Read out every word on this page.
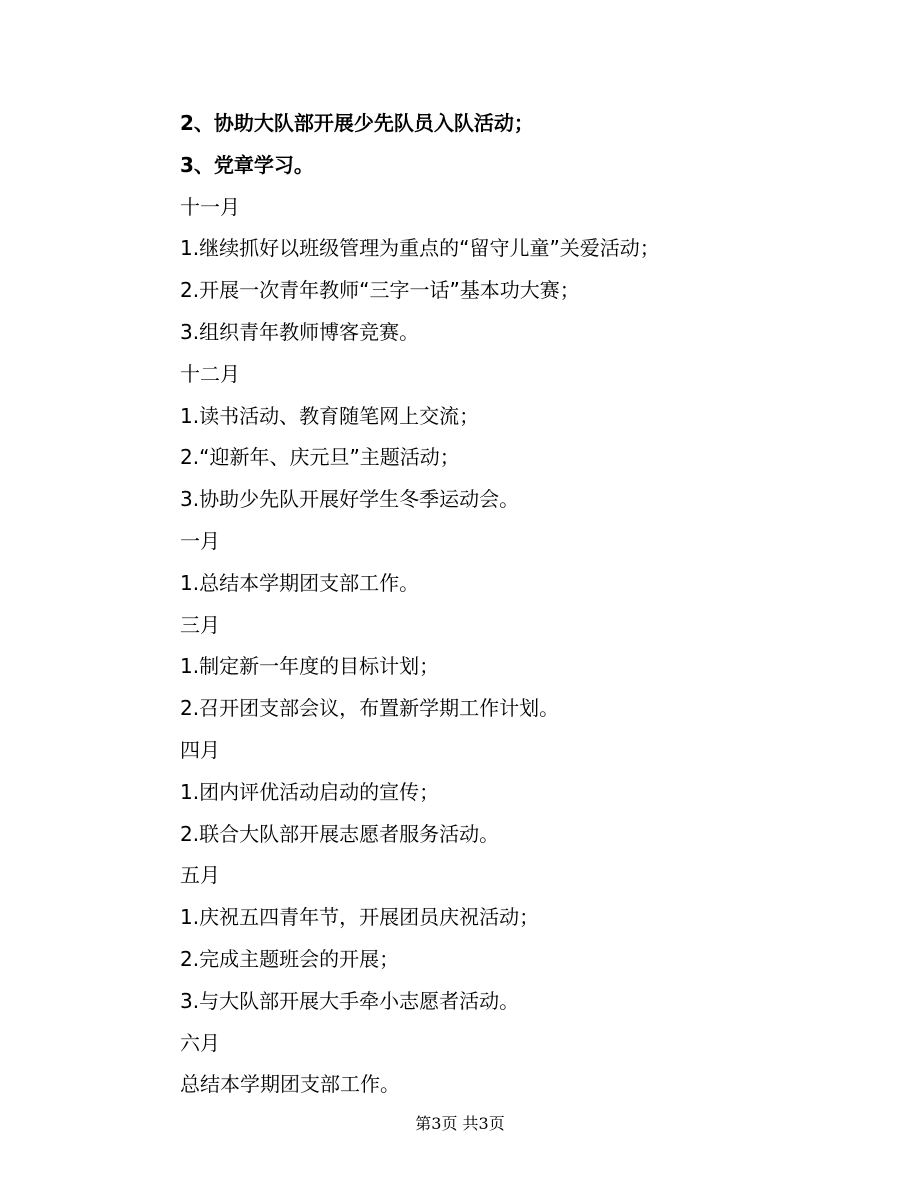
2、协助大队部开展少先队员入队活动；
3、党章学习。
十一月
1.继续抓好以班级管理为重点的“留守儿童”关爱活动；
2.开展一次青年教师“三字一话”基本功大赛；
3.组织青年教师博客竞赛。
十二月
1.读书活动、教育随笔网上交流；
2.“迎新年、庆元旦”主题活动；
3.协助少先队开展好学生冬季运动会。
一月
1.总结本学期团支部工作。
三月
1.制定新一年度的目标计划；
2.召开团支部会议，布置新学期工作计划。
四月
1.团内评优活动启动的宣传；
2.联合大队部开展志愿者服务活动。
五月
1.庆祝五四青年节，开展团员庆祝活动；
2.完成主题班会的开展；
3.与大队部开展大手牵小志愿者活动。
六月
总结本学期团支部工作。
第3页 共3页
